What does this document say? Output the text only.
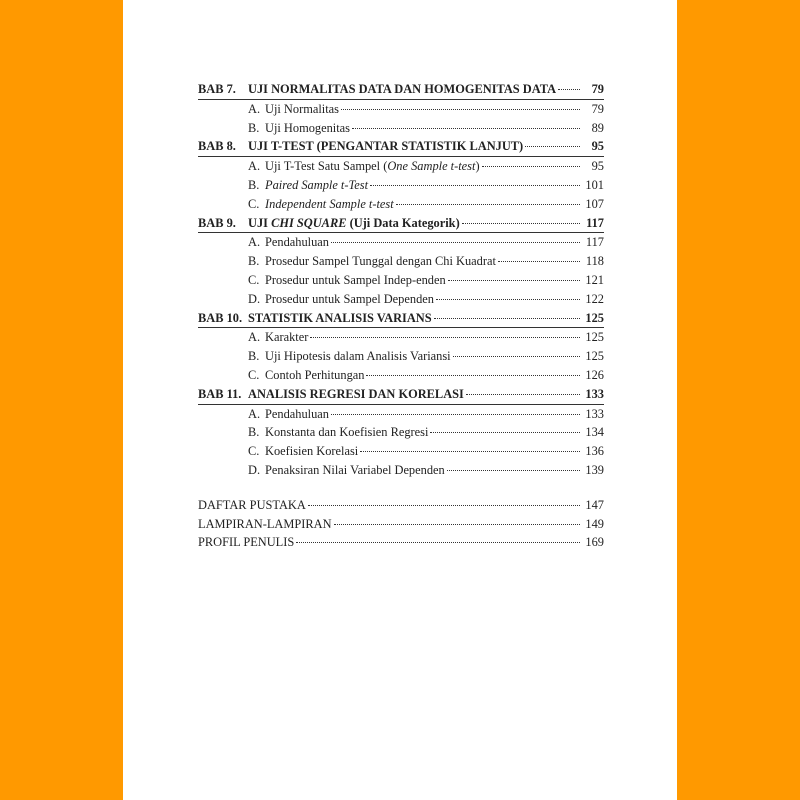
BAB 7. UJI NORMALITAS DATA DAN HOMOGENITAS DATA	79
A. Uji Normalitas	79
B. Uji Homogenitas	89
BAB 8. UJI T-TEST (PENGANTAR STATISTIK LANJUT)	95
A. Uji T-Test Satu Sampel (One Sample t-test)	95
B. Paired Sample t-Test	101
C. Independent Sample t-test	107
BAB 9. UJI CHI SQUARE (Uji Data Kategorik)	117
A. Pendahuluan	117
B. Prosedur Sampel Tunggal dengan Chi Kuadrat	118
C. Prosedur untuk Sampel Indep-enden	121
D. Prosedur untuk Sampel Dependen	122
BAB 10. STATISTIK ANALISIS VARIANS	125
A. Karakter	125
B. Uji Hipotesis dalam Analisis Variansi	125
C. Contoh Perhitungan	126
BAB 11. ANALISIS REGRESI DAN KORELASI	133
A. Pendahuluan	133
B. Konstanta dan Koefisien Regresi	134
C. Koefisien Korelasi	136
D. Penaksiran Nilai Variabel Dependen	139
DAFTAR PUSTAKA	147
LAMPIRAN-LAMPIRAN	149
PROFIL PENULIS	169
